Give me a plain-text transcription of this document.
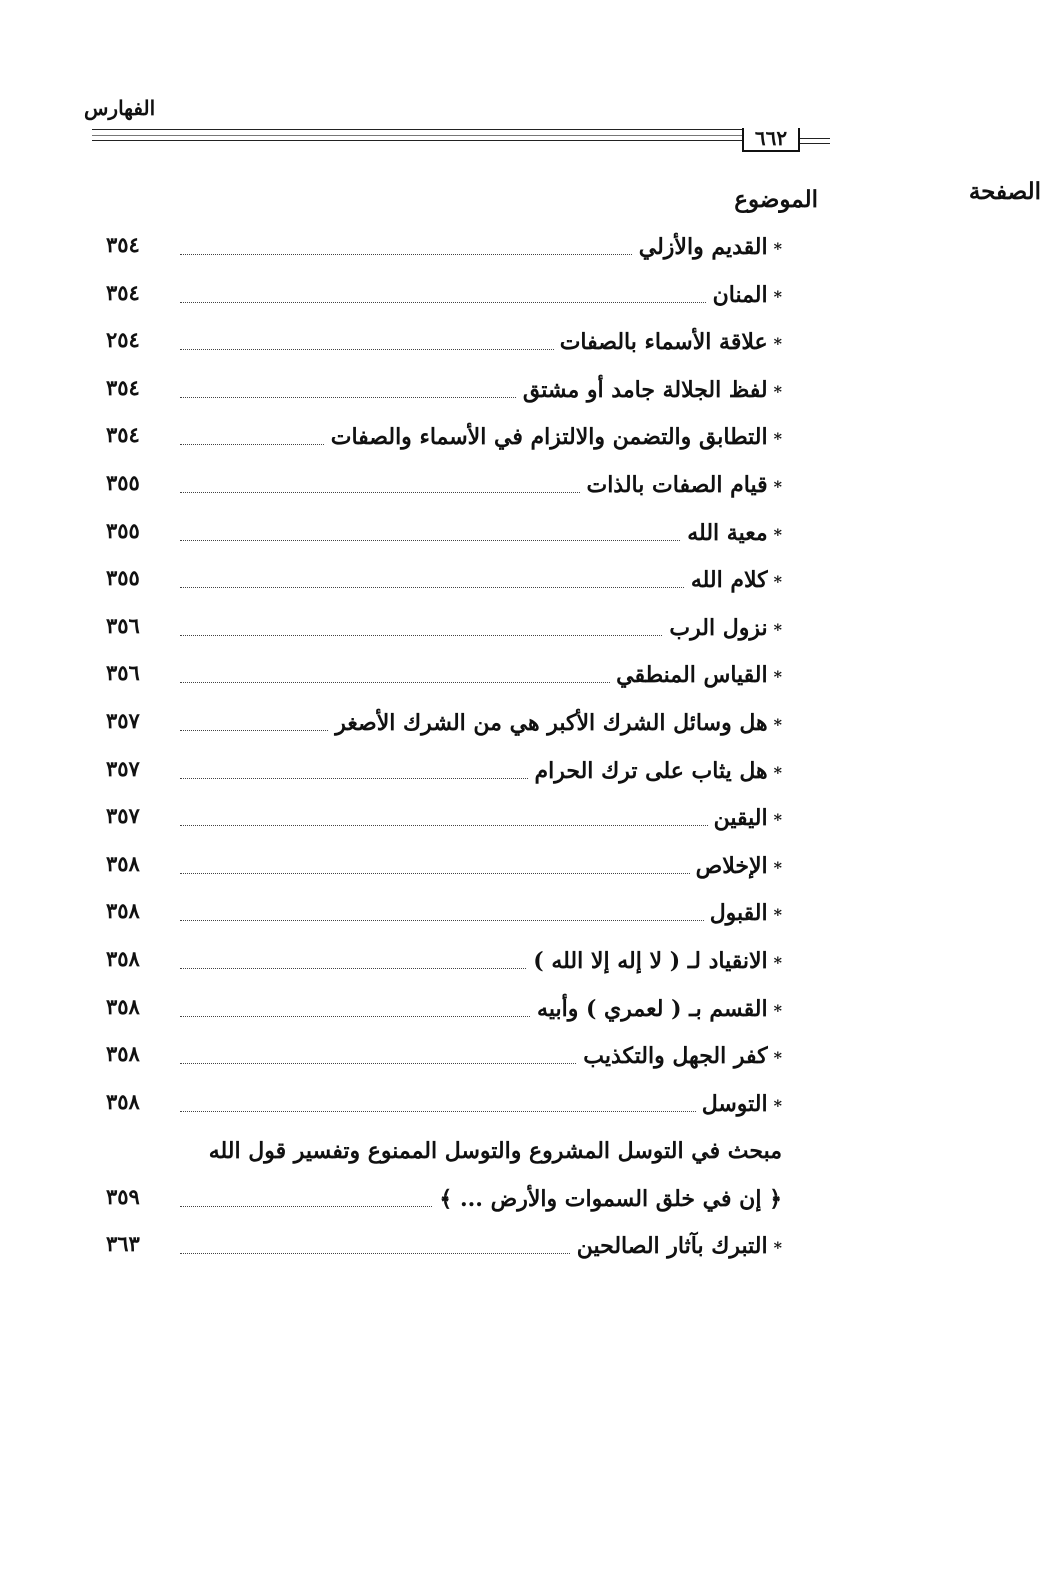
الفهارس
٦٦٢
الموضوع	الصفحة
*القديم والأزلي
٣٥٤
*المنان
٣٥٤
*علاقة الأسماء بالصفات
٢٥٤
*لفظ الجلالة جامد أو مشتق
٣٥٤
*التطابق والتضمن والالتزام في الأسماء والصفات
٣٥٤
*قيام الصفات بالذات
٣٥٥
*معية الله
٣٥٥
*كلام الله
٣٥٥
*نزول الرب
٣٥٦
*القياس المنطقي
٣٥٦
*هل وسائل الشرك الأكبر هي من الشرك الأصغر
٣٥٧
*هل يثاب على ترك الحرام
٣٥٧
*اليقين
٣٥٧
*الإخلاص
٣٥٨
*القبول
٣٥٨
*الانقياد لـ ( لا إله إلا الله )
٣٥٨
*القسم بـ ( لعمري ) وأبيه
٣٥٨
*كفر الجهل والتكذيب
٣٥٨
*التوسل
٣٥٨
مبحث في التوسل المشروع والتوسل الممنوع وتفسير قول الله
﴿ إن في خلق السموات والأرض ... ﴾
٣٥٩
*التبرك بآثار الصالحين
٣٦٣
